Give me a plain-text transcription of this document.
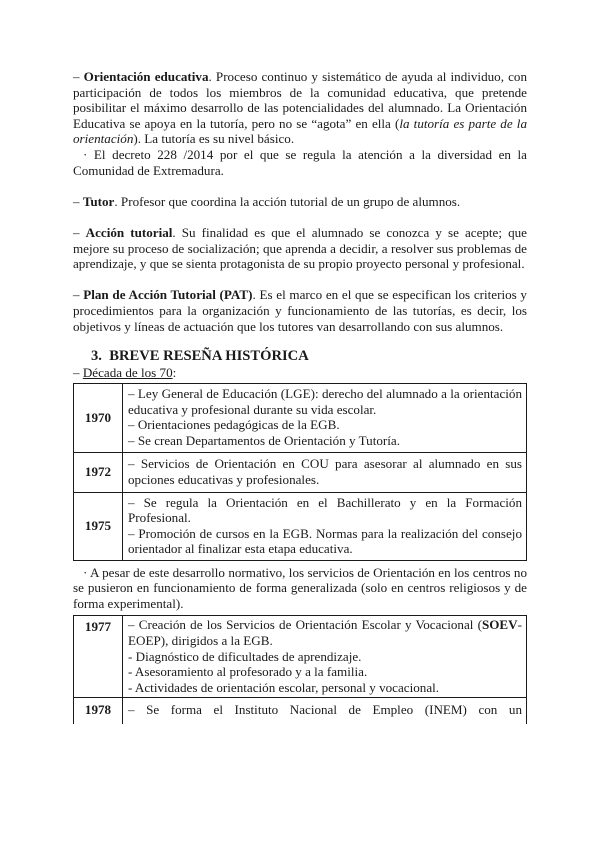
– Orientación educativa. Proceso continuo y sistemático de ayuda al individuo, con participación de todos los miembros de la comunidad educativa, que pretende posibilitar el máximo desarrollo de las potencialidades del alumnado. La Orientación Educativa se apoya en la tutoría, pero no se “agota” en ella (la tutoría es parte de la orientación). La tutoría es su nivel básico.

· El decreto 228 /2014 por el que se regula la atención a la diversidad en la Comunidad de Extremadura.

– Tutor. Profesor que coordina la acción tutorial de un grupo de alumnos.

– Acción tutorial. Su finalidad es que el alumnado se conozca y se acepte; que mejore su proceso de socialización; que aprenda a decidir, a resolver sus problemas de aprendizaje, y que se sienta protagonista de su propio proyecto personal y profesional.

– Plan de Acción Tutorial (PAT). Es el marco en el que se especifican los criterios y procedimientos para la organización y funcionamiento de las tutorías, es decir, los objetivos y líneas de actuación que los tutores van desarrollando con sus alumnos.

3. BREVE RESEÑA HISTÓRICA

– Década de los 70:

1970	– Ley General de Educación (LGE): derecho del alumnado a la orientación educativa y profesional durante su vida escolar.

– Orientaciones pedagógicas de la EGB.

– Se crean Departamentos de Orientación y Tutoría.

1972	– Servicios de Orientación en COU para asesorar al alumnado en sus opciones educativas y profesionales.

1975	– Se regula la Orientación en el Bachillerato y en la Formación Profesional.

– Promoción de cursos en la EGB. Normas para la realización del consejo orientador al finalizar esta etapa educativa.

· A pesar de este desarrollo normativo, los servicios de Orientación en los centros no se pusieron en funcionamiento de forma generalizada (solo en centros religiosos y de forma experimental).

1977	– Creación de los Servicios de Orientación Escolar y Vocacional (SOEV- EOEP), dirigidos a la EGB.

- Diagnóstico de dificultades de aprendizaje.

- Asesoramiento al profesorado y a la familia.

- Actividades de orientación escolar, personal y vocacional.

1978	– Se forma el Instituto Nacional de Empleo (INEM) con un
